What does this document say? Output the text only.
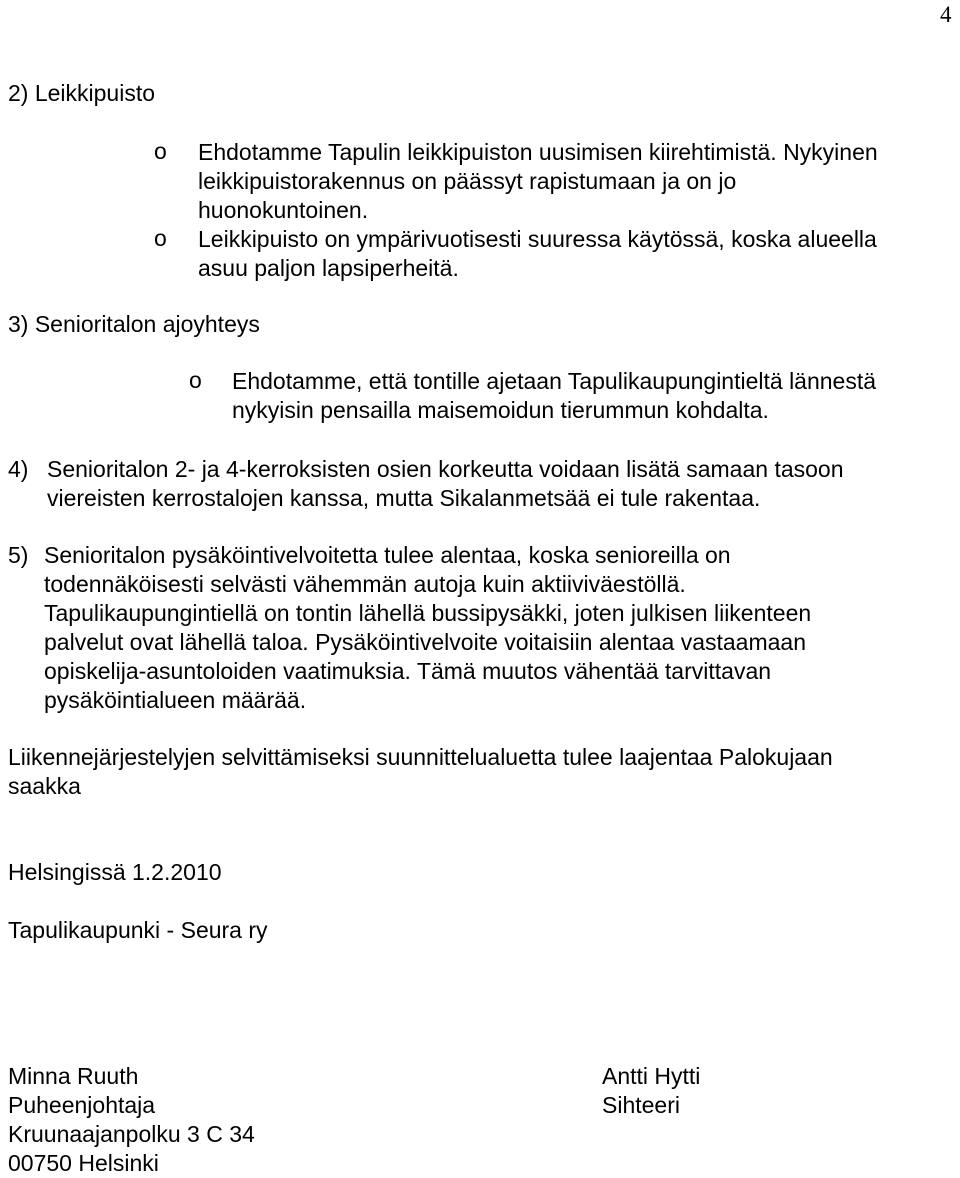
4
2) Leikkipuisto
o Ehdotamme Tapulin leikkipuiston uusimisen kiirehtimistä. Nykyinen
leikkipuistorakennus on päässyt rapistumaan ja on jo
huonokuntoinen.
o Leikkipuisto on ympärivuotisesti suuressa käytössä, koska alueella
asuu paljon lapsiperheitä.
3) Senioritalon ajoyhteys
o Ehdotamme, että tontille ajetaan Tapulikaupungintieltä lännestä
nykyisin pensailla maisemoidun tierummun kohdalta.
4) Senioritalon 2- ja 4-kerroksisten osien korkeutta voidaan lisätä samaan tasoon
viereisten kerrostalojen kanssa, mutta Sikalanmetsää ei tule rakentaa.
5) Senioritalon pysäköintivelvoitetta tulee alentaa, koska senioreilla on
todennäköisesti selvästi vähemmän autoja kuin aktiiviväestöllä.
Tapulikaupungintiellä on tontin lähellä bussipysäkki, joten julkisen liikenteen
palvelut ovat lähellä taloa. Pysäköintivelvoite voitaisiin alentaa vastaamaan
opiskelija-asuntoloiden vaatimuksia. Tämä muutos vähentää tarvittavan
pysäköintialueen määrää.
Liikennejärjestelyjen selvittämiseksi suunnittelualuetta tulee laajentaa Palokujaan
saakka
Helsingissä 1.2.2010
Tapulikaupunki - Seura ry
Minna Ruuth
Puheenjohtaja
Kruunaajanpolku 3 C 34
00750 Helsinki
Antti Hytti
Sihteeri
